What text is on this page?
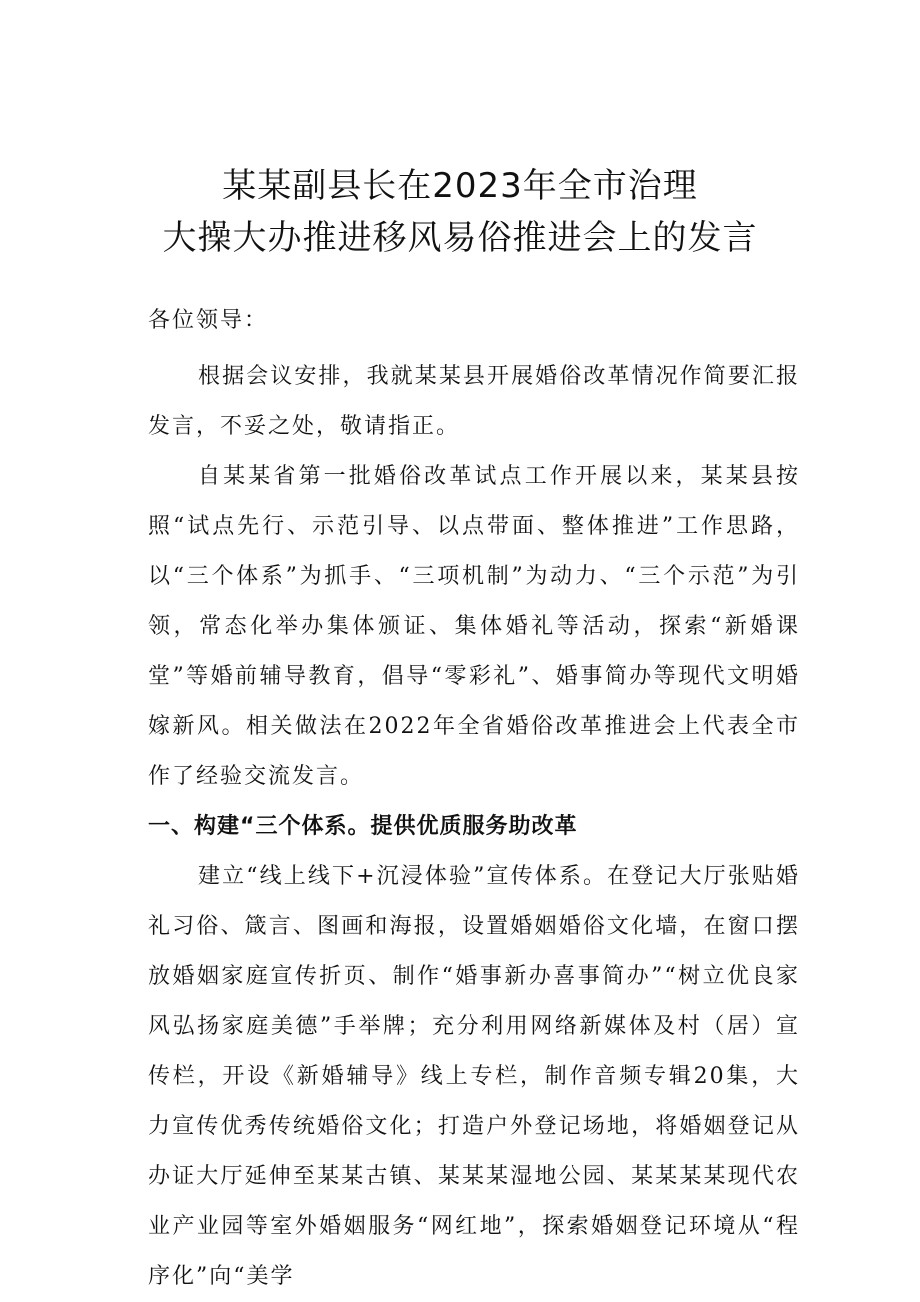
某某副县长在2023年全市治理
大操大办推进移风易俗推进会上的发言

各位领导：

根据会议安排，我就某某县开展婚俗改革情况作简要汇报发言，不妥之处，敬请指正。

自某某省第一批婚俗改革试点工作开展以来，某某县按照“试点先行、示范引导、以点带面、整体推进”工作思路，以“三个体系”为抓手、“三项机制”为动力、“三个示范”为引领，常态化举办集体颁证、集体婚礼等活动，探索“新婚课堂”等婚前辅导教育，倡导“零彩礼”、婚事简办等现代文明婚嫁新风。相关做法在2022年全省婚俗改革推进会上代表全市作了经验交流发言。

一、构建“三个体系。提供优质服务助改革

建立“线上线下+沉浸体验”宣传体系。在登记大厅张贴婚礼习俗、箴言、图画和海报，设置婚姻婚俗文化墙，在窗口摆放婚姻家庭宣传折页、制作“婚事新办喜事简办”“树立优良家风弘扬家庭美德”手举牌；充分利用网络新媒体及村（居）宣传栏，开设《新婚辅导》线上专栏，制作音频专辑20集，大力宣传优秀传统婚俗文化；打造户外登记场地，将婚姻登记从办证大厅延伸至某某古镇、某某某湿地公园、某某某某现代农业产业园等室外婚姻服务“网红地”，探索婚姻登记环境从“程序化”向“美学
